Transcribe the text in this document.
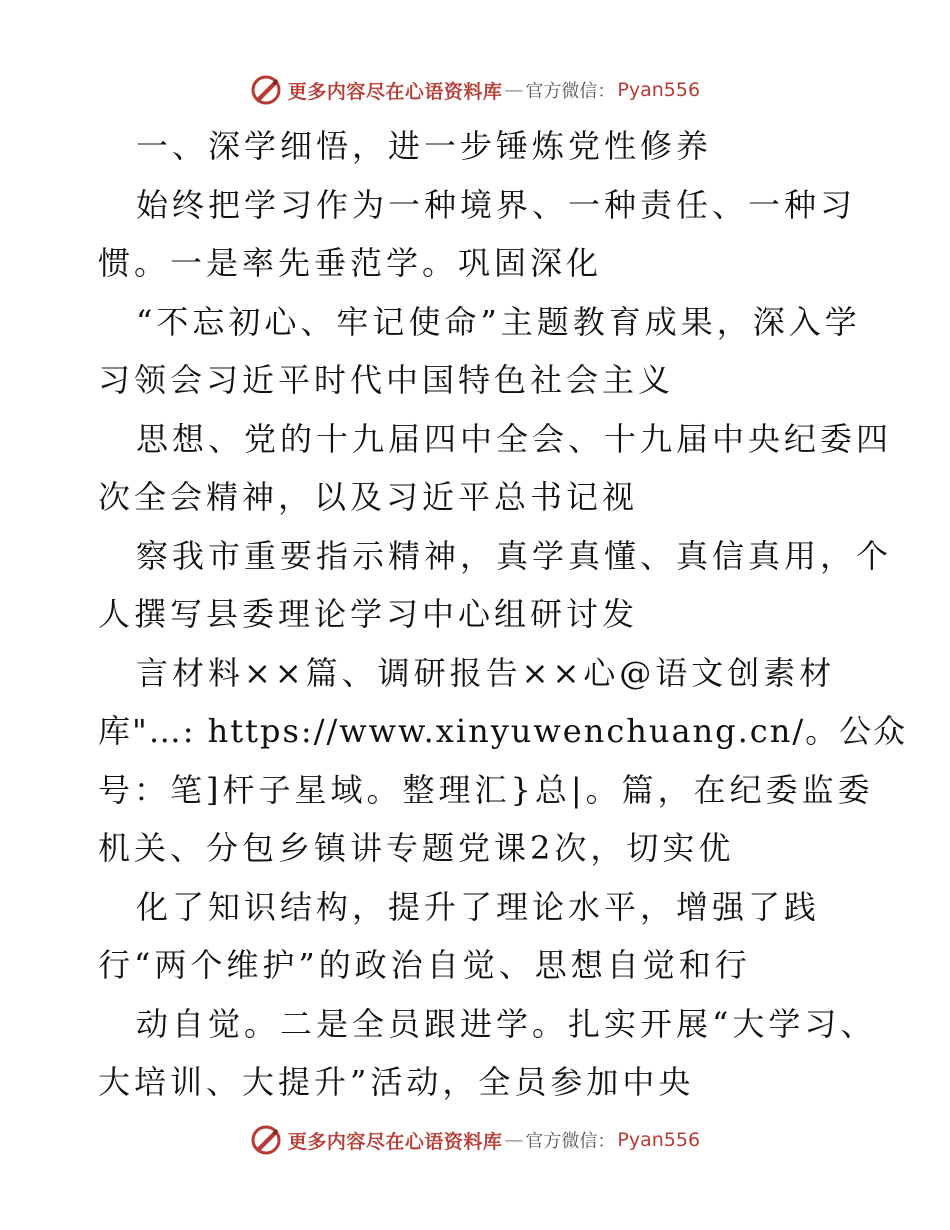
更多内容尽在心语资料库 — 官方微信： Pyan556
一、深学细悟，进一步锤炼党性修养
始终把学习作为一种境界、一种责任、一种习
惯。一是率先垂范学。巩固深化
“不忘初心、牢记使命”主题教育成果，深入学
习领会习近平时代中国特色社会主义
思想、党的十九届四中全会、十九届中央纪委四
次全会精神，以及习近平总书记视
察我市重要指示精神，真学真懂、真信真用，个
人撰写县委理论学习中心组研讨发
言材料××篇、调研报告××心@语文创素材
库"…: https://www.xinyuwenchuang.cn/。公众
号：笔]杆子星域。整理汇}总|。篇，在纪委监委
机关、分包乡镇讲专题党课2次，切实优
化了知识结构，提升了理论水平，增强了践
行“两个维护”的政治自觉、思想自觉和行
动自觉。二是全员跟进学。扎实开展“大学习、
大培训、大提升”活动，全员参加中央
更多内容尽在心语资料库 — 官方微信： Pyan556
